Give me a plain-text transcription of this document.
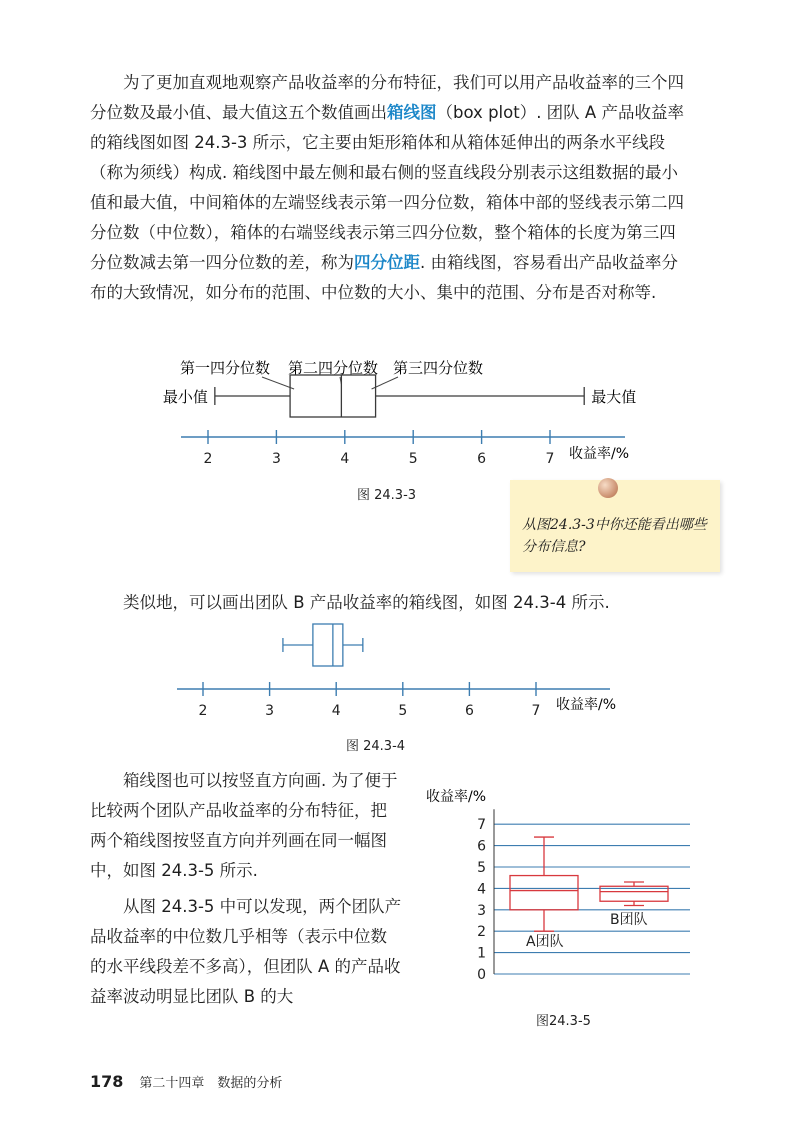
为了更加直观地观察产品收益率的分布特征，我们可以用产品收益率的三个四分位数及最小值、最大值这五个数值画出箱线图（box plot）. 团队 A 产品收益率的箱线图如图 24.3-3 所示，它主要由矩形箱体和从箱体延伸出的两条水平线段（称为须线）构成. 箱线图中最左侧和最右侧的竖直线段分别表示这组数据的最小值和最大值，中间箱体的左端竖线表示第一四分位数，箱体中部的竖线表示第二四分位数（中位数），箱体的右端竖线表示第三四分位数，整个箱体的长度为第三四分位数减去第一四分位数的差，称为四分位距. 由箱线图，容易看出产品收益率分布的大致情况，如分布的范围、中位数的大小、集中的范围、分布是否对称等.

第一四分位数 第二四分位数 第三四分位数
最小值	最大值
2	3	4	5	6	7 收益率/%
图 24.3-3
从图24.3-3中你还能看出哪些分布信息?

类似地，可以画出团队 B 产品收益率的箱线图，如图 24.3-4 所示.

2	3	4	5	6	7 收益率/%
图 24.3-4

箱线图也可以按竖直方向画. 为了便于比较两个团队产品收益率的分布特征，把两个箱线图按竖直方向并列画在同一幅图中，如图 24.3-5 所示.

从图 24.3-5 中可以发现，两个团队产品收益率的中位数几乎相等（表示中位数的水平线段差不多高），但团队 A 的产品收益率波动明显比团队 B 的大

收益率/%
0
1
2
3
4
5
6
7
A团队
B团队
图24.3-5
178 第二十四章　数据的分析
